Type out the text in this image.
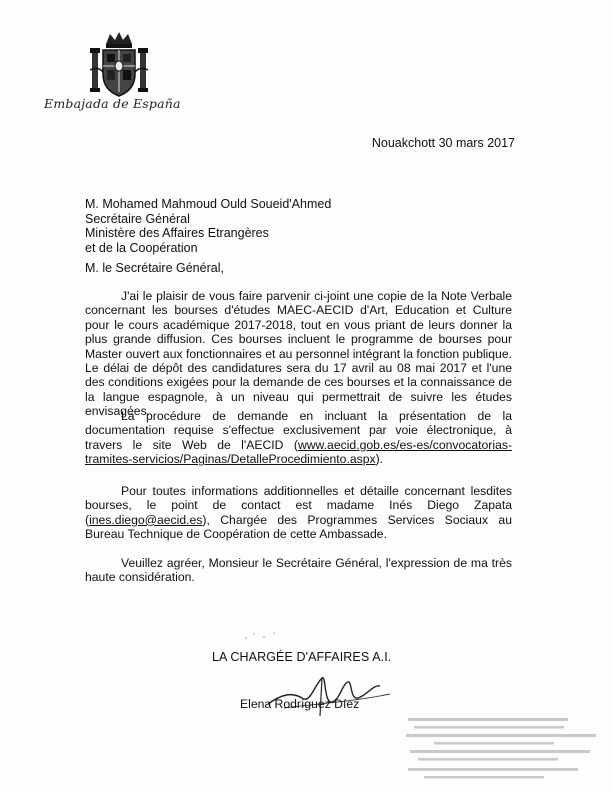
Embajada de España
Nouakchott 30 mars 2017
M. Mohamed Mahmoud Ould Soueid'Ahmed
Secrétaire Général
Ministère des Affaires Etrangères
et de la Coopération
M. le Secrétaire Général,

J'ai le plaisir de vous faire parvenir ci-joint une copie de la Note Verbale concernant les bourses d'études MAEC-AECID d'Art, Education et Culture pour le cours académique 2017-2018, tout en vous priant de leurs donner la plus grande diffusion. Ces bourses incluent le programme de bourses pour Master ouvert aux fonctionnaires et au personnel intégrant la fonction publique. Le délai de dépôt des candidatures sera du 17 avril au 08 mai 2017 et l'une des conditions exigées pour la demande de ces bourses et la connaissance de la langue espagnole, à un niveau qui permettrait de suivre les études envisagées.

La procédure de demande en incluant la présentation de la documentation requise s'effectue exclusivement par voie électronique, à travers le site Web de l'AECID (www.aecid.gob.es/es-es/convocatorias-tramites-servicios/Paginas/DetalleProcedimiento.aspx).

Pour toutes informations additionnelles et détaille concernant lesdites bourses, le point de contact est madame Inés Diego Zapata (ines.diego@aecid.es), Chargée des Programmes Services Sociaux au Bureau Technique de Coopération de cette Ambassade.

Veuillez agréer, Monsieur le Secrétaire Général, l'expression de ma très haute considération.

LA CHARGÉE D'AFFAIRES A.I.
Elena Rodríguez Díez
